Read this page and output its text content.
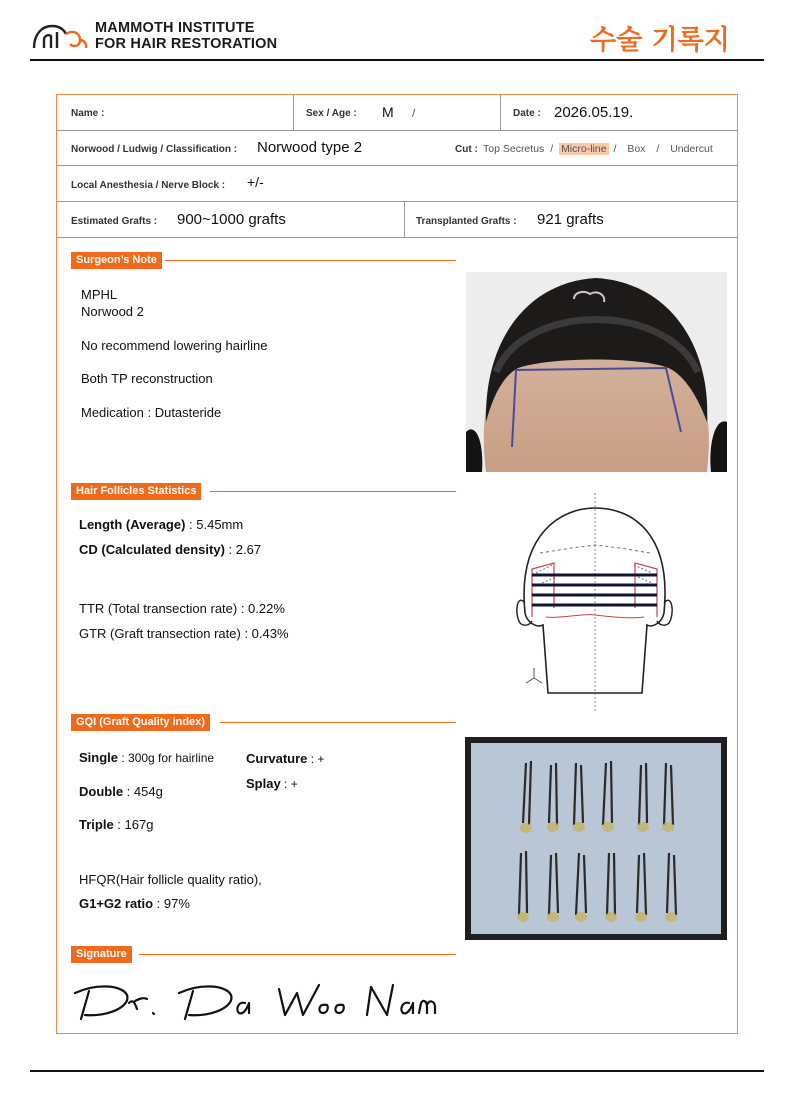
MAMMOTH INSTITUTE
FOR HAIR RESTORATION	수술 기록지
Name :	Sex / Age : M /	Date : 2026.05.19.
Norwood / Ludwig / Classification : Norwood type 2	Cut : Top Secretus / Micro-line / Box / Undercut
Local Anesthesia / Nerve Block : +/-
Estimated Grafts : 900~1000 grafts	Transplanted Grafts : 921 grafts
Surgeon’s Note
MPHL
Norwood 2
No recommend lowering hairline
Both TP reconstruction
Medication : Dutasteride
Hair Follicles Statistics
Length (Average) : 5.45mm
CD (Calculated density) : 2.67
TTR (Total transection rate) : 0.22%
GTR (Graft transection rate) : 0.43%
GQI (Graft Quality index)
Single : 300g for hairline Curvature : +
Splay : +
Double : 454g
Triple : 167g
HFQR(Hair follicle quality ratio),
G1+G2 ratio : 97%
Signature
